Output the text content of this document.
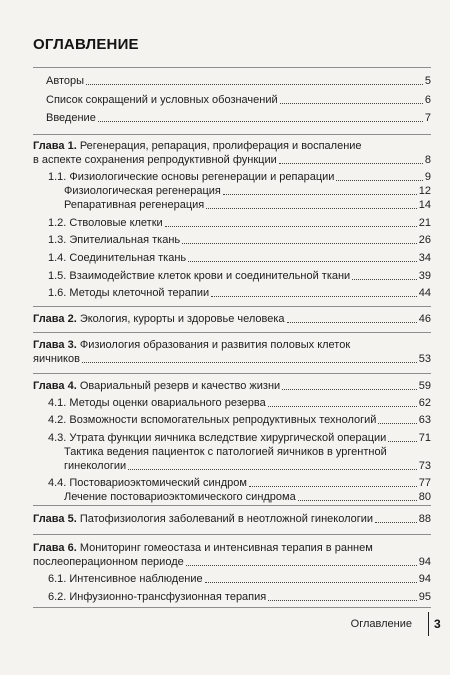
ОГЛАВЛЕНИЕ
Авторы	5
Список сокращений и условных обозначений	6
Введение	7
Глава 1. Регенерация, репарация, пролиферация и воспаление
в аспекте сохранения репродуктивной функции	8
1.1. Физиологические основы регенерации и репарации	9
Физиологическая регенерация	12
Репаративная регенерация	14
1.2. Стволовые клетки	21
1.3. Эпителиальная ткань	26
1.4. Соединительная ткань	34
1.5. Взаимодействие клеток крови и соединительной ткани	39
1.6. Методы клеточной терапии	44
Глава 2. Экология, курорты и здоровье человека	46
Глава 3. Физиология образования и развития половых клеток
яичников	53
Глава 4. Овариальный резерв и качество жизни	59
4.1. Методы оценки овариального резерва	62
4.2. Возможности вспомогательных репродуктивных технологий	63
4.3. Утрата функции яичника вследствие хирургической операции	71
Тактика ведения пациенток с патологией яичников в ургентной
гинекологии	73
4.4. Постовариоэктомический синдром	77
Лечение постовариоэктомического синдрома	80
Глава 5. Патофизиология заболеваний в неотложной гинекологии	88
Глава 6. Мониторинг гомеостаза и интенсивная терапия в раннем
послеоперационном периоде	94
6.1. Интенсивное наблюдение	94
6.2. Инфузионно-трансфузионная терапия	95
Оглавление 3
